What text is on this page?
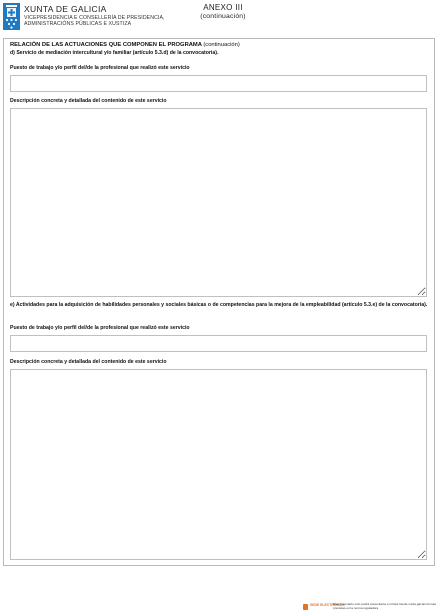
XUNTA DE GALICIA
VICEPRESIDENCIA E CONSELLERÍA DE PRESIDENCIA,
ADMINISTRACIÓNS PÚBLICAS E XUSTIZA
ANEXO III
(continuación)
RELACIÓN DE LAS ACTUACIONES QUE COMPONEN EL PROGRAMA (continuación)
d) Servicio de mediación intercultural y/o familiar (artículo 5.3.d) de la convocatoria).
Puesto de trabajo y/o perfil del/de la profesional que realizó este servicio
Descripción concreta y detallada del contenido de este servicio
e) Actividades para la adquisición de habilidades personales y sociales básicas o de competencias para la mejora de la empleabilidad (artículo 5.3.e) de la convocatoria).
Puesto de trabajo y/o perfil del/de la profesional que realizó este servicio
Descripción concreta y detallada del contenido de este servicio
SEDE ELECTRÓNICA
Este formulario sólo podrá presentarse en https://sede.xunta.gal las formas previstas en la norma reguladora
